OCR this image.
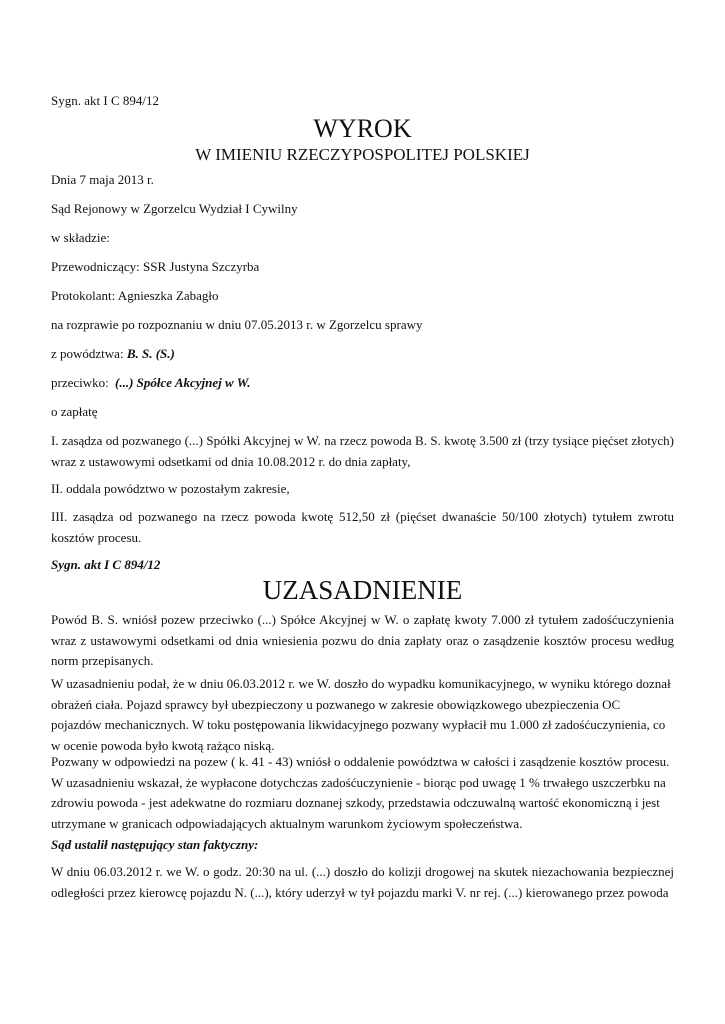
Sygn. akt I C 894/12
WYROK
W IMIENIU RZECZYPOSPOLITEJ POLSKIEJ
Dnia 7 maja 2013 r.
Sąd Rejonowy w Zgorzelcu Wydział I Cywilny
w składzie:
Przewodniczący: SSR Justyna Szczyrba
Protokolant: Agnieszka Zabagło
na rozprawie po rozpoznaniu w dniu 07.05.2013 r. w Zgorzelcu sprawy
z powództwa: B. S. (S.)
przeciwko: (...) Spółce Akcyjnej w W.
o zapłatę
I. zasądza od pozwanego (...) Spółki Akcyjnej w W. na rzecz powoda B. S. kwotę 3.500 zł (trzy tysiące pięćset złotych) wraz z ustawowymi odsetkami od dnia 10.08.2012 r. do dnia zapłaty,
II. oddala powództwo w pozostałym zakresie,
III. zasądza od pozwanego na rzecz powoda kwotę 512,50 zł (pięćset dwanaście 50/100 złotych) tytułem zwrotu kosztów procesu.
Sygn. akt I C 894/12
UZASADNIENIE
Powód B. S. wniósł pozew przeciwko (...) Spółce Akcyjnej w W. o zapłatę kwoty 7.000 zł tytułem zadośćuczynienia wraz z ustawowymi odsetkami od dnia wniesienia pozwu do dnia zapłaty oraz o zasądzenie kosztów procesu według norm przepisanych.
W uzasadnieniu podał, że w dniu 06.03.2012 r. we W. doszło do wypadku komunikacyjnego, w wyniku którego doznał obrażeń ciała. Pojazd sprawcy był ubezpieczony u pozwanego w zakresie obowiązkowego ubezpieczenia OC pojazdów mechanicznych. W toku postępowania likwidacyjnego pozwany wypłacił mu 1.000 zł zadośćuczynienia, co w ocenie powoda było kwotą rażąco niską.
Pozwany w odpowiedzi na pozew ( k. 41 - 43) wniósł o oddalenie powództwa w całości i zasądzenie kosztów procesu. W uzasadnieniu wskazał, że wypłacone dotychczas zadośćuczynienie - biorąc pod uwagę 1 % trwałego uszczerbku na zdrowiu powoda - jest adekwatne do rozmiaru doznanej szkody, przedstawia odczuwalną wartość ekonomiczną i jest utrzymane w granicach odpowiadających aktualnym warunkom życiowym społeczeństwa.
Sąd ustalił następujący stan faktyczny:
W dniu 06.03.2012 r. we W. o godz. 20:30 na ul. (...) doszło do kolizji drogowej na skutek niezachowania bezpiecznej odległości przez kierowcę pojazdu N. (...), który uderzył w tył pojazdu marki V. nr rej. (...) kierowanego przez powoda
